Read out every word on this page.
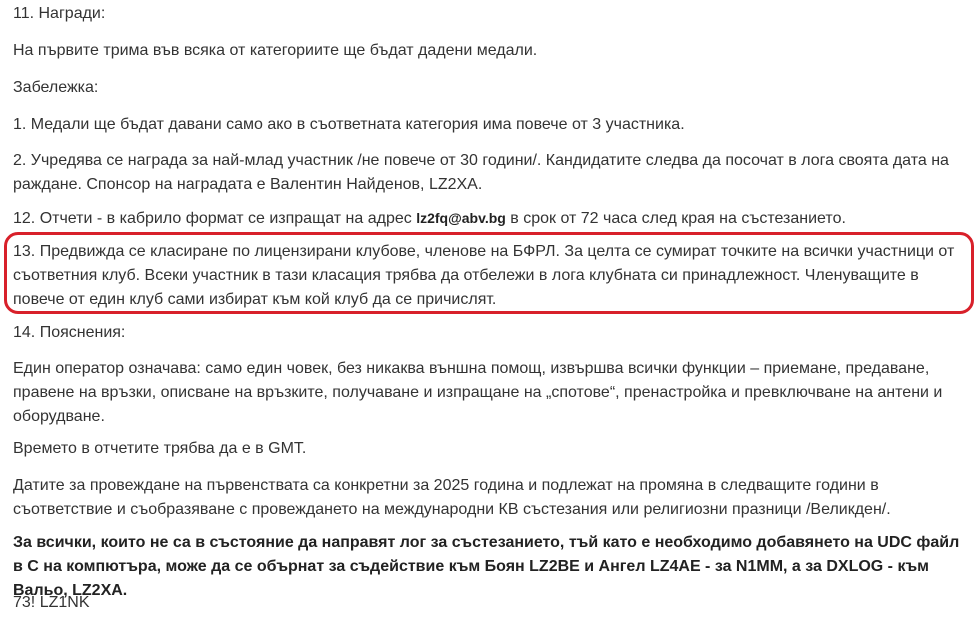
11. Награди:

На първите трима във всяка от категориите ще бъдат дадени медали.

Забележка:

1. Медали ще бъдат давани само ако в съответната категория има повече от 3 участника.

2. Учредява се награда за най-млад участник /не повече от 30 години/. Кандидатите следва да посочат в лога своята дата на раждане. Спонсор на наградата е Валентин Найденов, LZ2XA.

12. Отчети - в кабрило формат се изпращат на адрес lz2fq@abv.bg в срок от 72 часа след края на състезанието.

13. Предвижда се класиране по лицензирани клубове, членове на БФРЛ. За целта се сумират точките на всички участници от съответния клуб. Всеки участник в тази класация трябва да отбележи в лога клубната си принадлежност. Членуващите в повече от един клуб сами избират към кой клуб да се причислят.

14. Пояснения:

Един оператор означава: само един човек, без никаква външна помощ, извършва всички функции – приемане, предаване, правене на връзки, описване на връзките, получаване и изпращане на „спотове“, пренастройка и превключване на антени и оборудване.

Времето в отчетите трябва да е в GMT.

Датите за провеждане на първенствата са конкретни за 2025 година и подлежат на промяна в следващите години в съответствие и съобразяване с провеждането на международни КВ състезания или религиозни празници /Великден/.

За всички, които не са в състояние да направят лог за състезанието, тъй като е необходимо добавянето на UDC файл в С на компютъра, може да се обърнат за съдействие към Боян LZ2BE и Ангел LZ4AE - за N1MM, а за DXLOG - към Вальо, LZ2XA.

73! LZ1NK
